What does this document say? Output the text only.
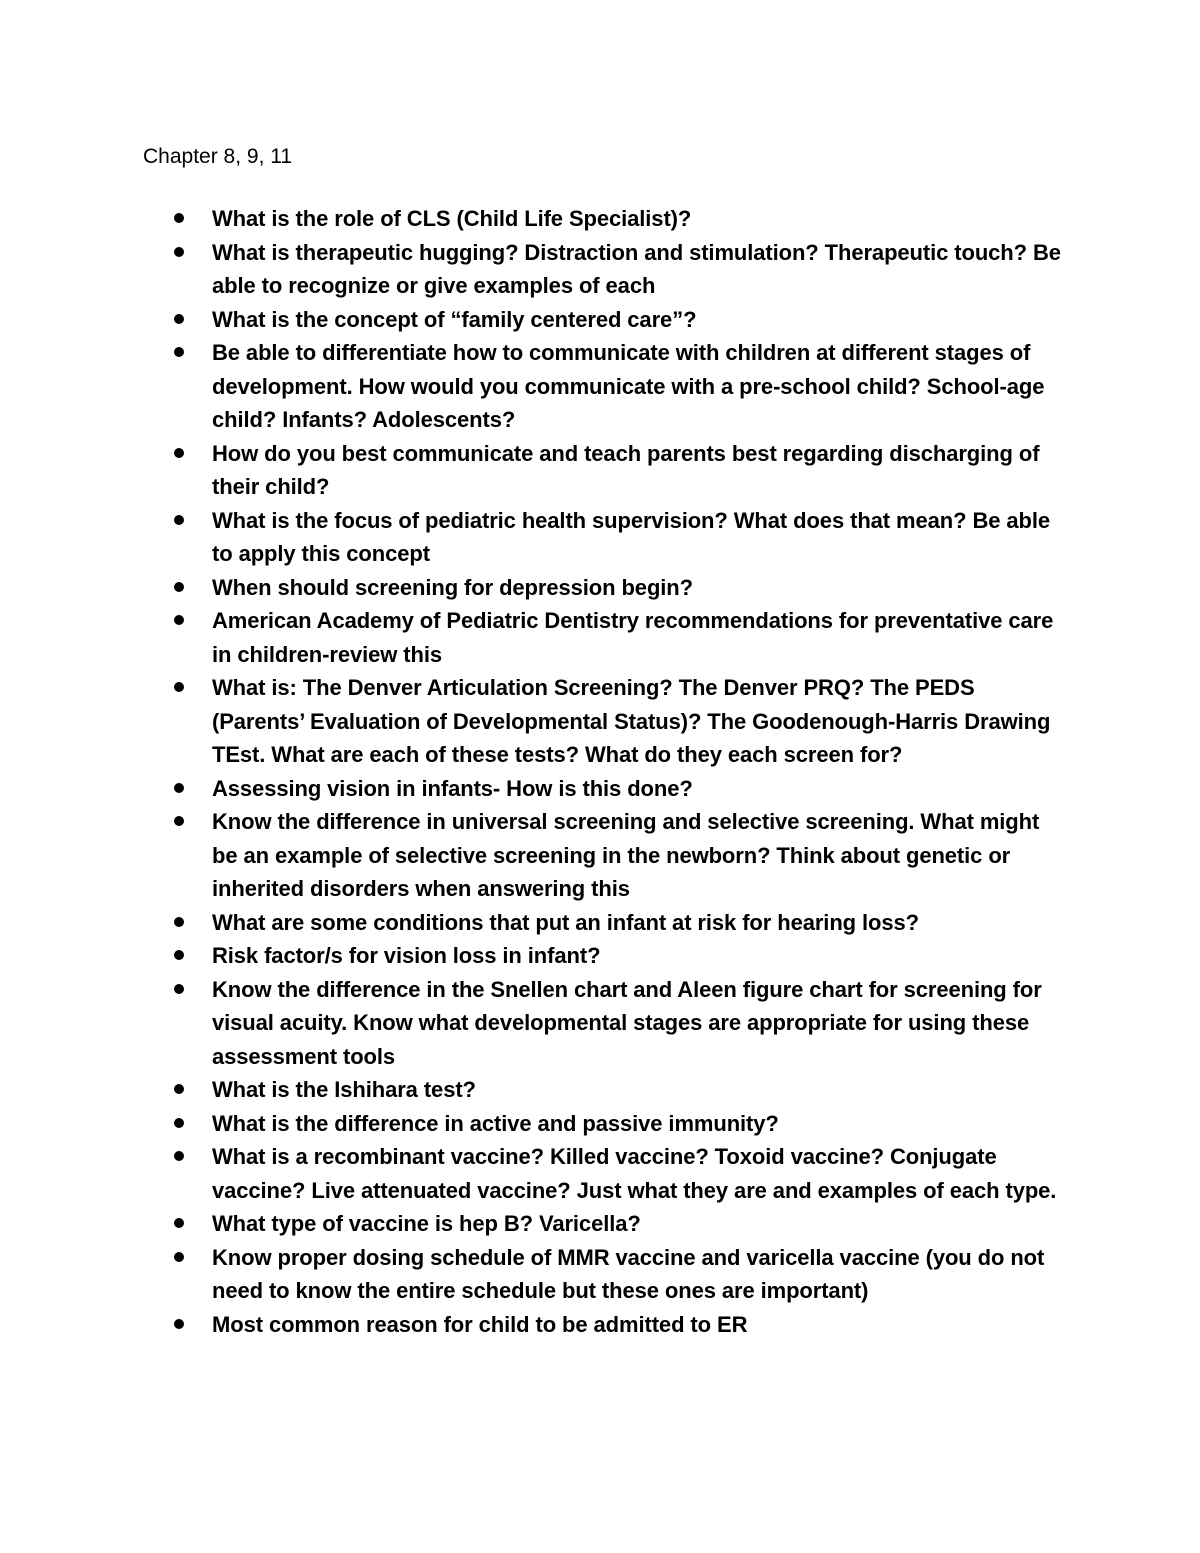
Chapter 8, 9, 11
What is the role of CLS (Child Life Specialist)?
What is therapeutic hugging? Distraction and stimulation? Therapeutic touch? Be able to recognize or give examples of each
What is the concept of “family centered care”?
Be able to differentiate how to communicate with children at different stages of development. How would you communicate with a pre-school child? School-age child? Infants? Adolescents?
How do you best communicate and teach parents best regarding discharging of their child?
What is the focus of pediatric health supervision? What does that mean? Be able to apply this concept
When should screening for depression begin?
American Academy of Pediatric Dentistry recommendations for preventative care in children-review this
What is: The Denver Articulation Screening? The Denver PRQ? The PEDS (Parents’ Evaluation of Developmental Status)? The Goodenough-Harris Drawing TEst. What are each of these tests? What do they each screen for?
Assessing vision in infants- How is this done?
Know the difference in universal screening and selective screening. What might be an example of selective screening in the newborn? Think about genetic or inherited disorders when answering this
What are some conditions that put an infant at risk for hearing loss?
Risk factor/s for vision loss in infant?
Know the difference in the Snellen chart and Aleen figure chart for screening for visual acuity. Know what developmental stages are appropriate for using these assessment tools
What is the Ishihara test?
What is the difference in active and passive immunity?
What is a recombinant vaccine? Killed vaccine? Toxoid vaccine? Conjugate vaccine? Live attenuated vaccine? Just what they are and examples of each type.
What type of vaccine is hep B? Varicella?
Know proper dosing schedule of MMR vaccine and varicella vaccine (you do not need to know the entire schedule but these ones are important)
Most common reason for child to be admitted to ER
